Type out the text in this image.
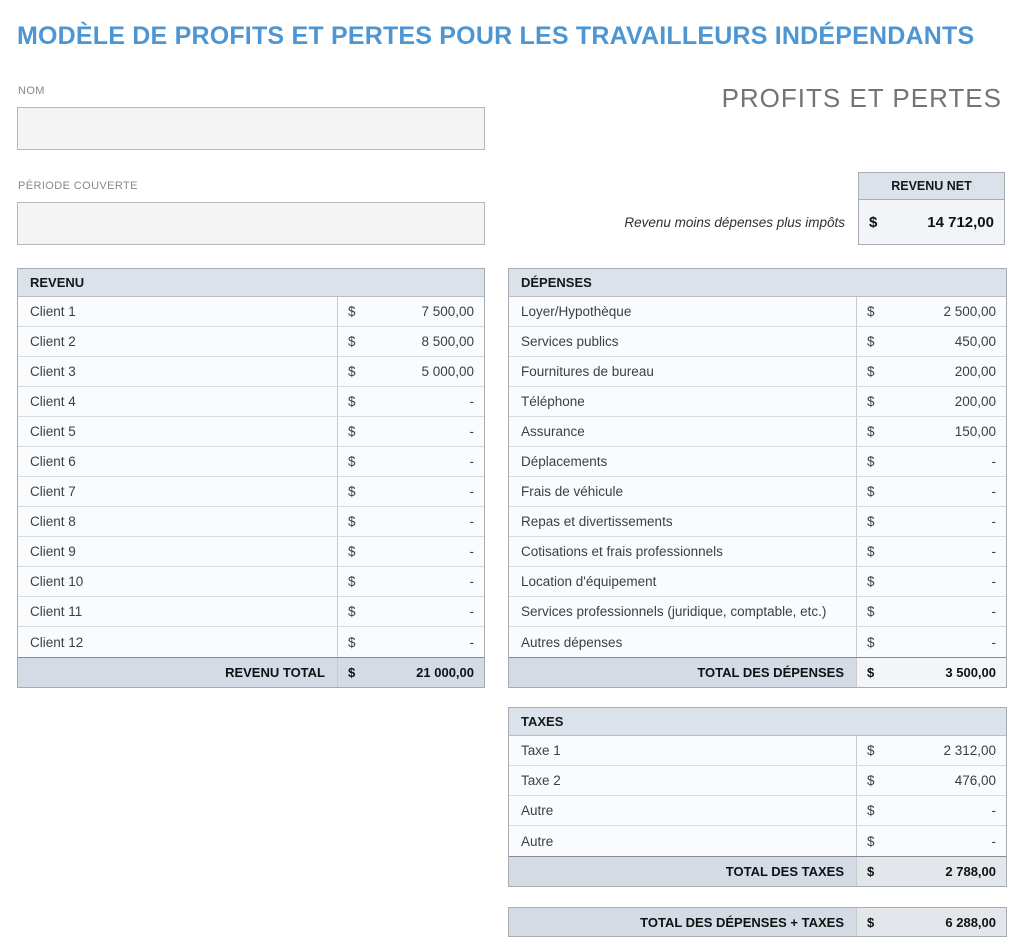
MODÈLE DE PROFITS ET PERTES POUR LES TRAVAILLEURS INDÉPENDANTS
NOM	PROFITS ET PERTES
PÉRIODE COUVERTE
Revenu moins dépenses plus impôts
REVENU NET
$	14 712,00
REVENU
Client 1	$	7 500,00
Client 2	$	8 500,00
Client 3	$	5 000,00
Client 4	$	-
Client 5	$	-
Client 6	$	-
Client 7	$	-
Client 8	$	-
Client 9	$	-
Client 10	$	-
Client 11	$	-
Client 12	$	-
REVENU TOTAL	$	21 000,00
DÉPENSES
Loyer/Hypothèque	$	2 500,00
Services publics	$	450,00
Fournitures de bureau	$	200,00
Téléphone	$	200,00
Assurance	$	150,00
Déplacements	$	-
Frais de véhicule	$	-
Repas et divertissements	$	-
Cotisations et frais professionnels	$	-
Location d'équipement	$	-
Services professionnels (juridique, comptable, etc.)	$	-
Autres dépenses	$	-
TOTAL DES DÉPENSES	$	3 500,00
TAXES
Taxe 1	$	2 312,00
Taxe 2	$	476,00
Autre	$	-
Autre	$	-
TOTAL DES TAXES	$	2 788,00
TOTAL DES DÉPENSES + TAXES	$	6 288,00
